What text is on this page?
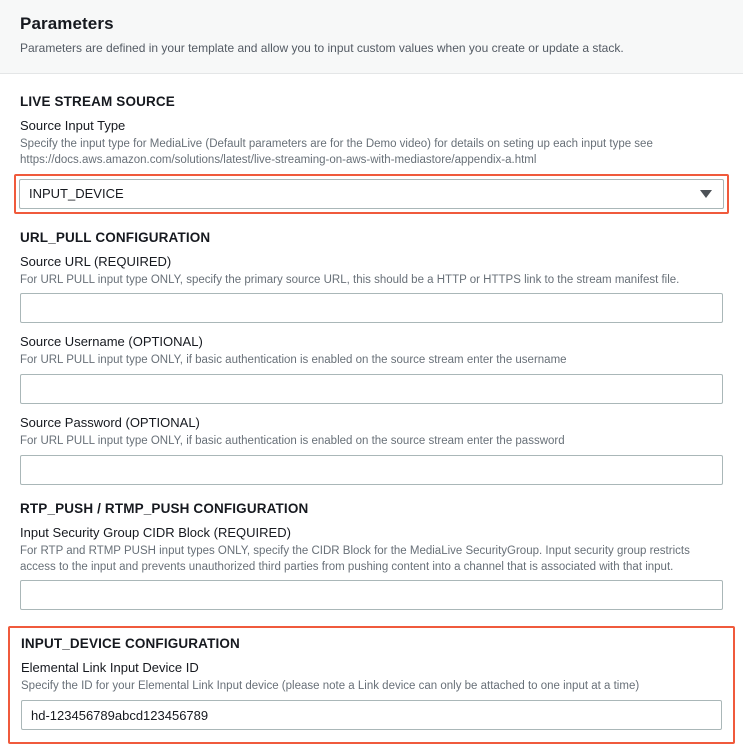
Parameters

Parameters are defined in your template and allow you to input custom values when you create or update a stack.

LIVE STREAM SOURCE
Source Input Type
Specify the input type for MediaLive (Default parameters are for the Demo video) for details on seting up each input type see https://docs.aws.amazon.com/solutions/latest/live-streaming-on-aws-with-mediastore/appendix-a.html
INPUT_DEVICE
URL_PULL CONFIGURATION
Source URL (REQUIRED)
For URL PULL input type ONLY, specify the primary source URL, this should be a HTTP or HTTPS link to the stream manifest file.
Source Username (OPTIONAL)
For URL PULL input type ONLY, if basic authentication is enabled on the source stream enter the username
Source Password (OPTIONAL)
For URL PULL input type ONLY, if basic authentication is enabled on the source stream enter the password
RTP_PUSH / RTMP_PUSH CONFIGURATION
Input Security Group CIDR Block (REQUIRED)
For RTP and RTMP PUSH input types ONLY, specify the CIDR Block for the MediaLive SecurityGroup. Input security group restricts access to the input and prevents unauthorized third parties from pushing content into a channel that is associated with that input.
INPUT_DEVICE CONFIGURATION
Elemental Link Input Device ID
Specify the ID for your Elemental Link Input device (please note a Link device can only be attached to one input at a time)
hd-123456789abcd123456789
